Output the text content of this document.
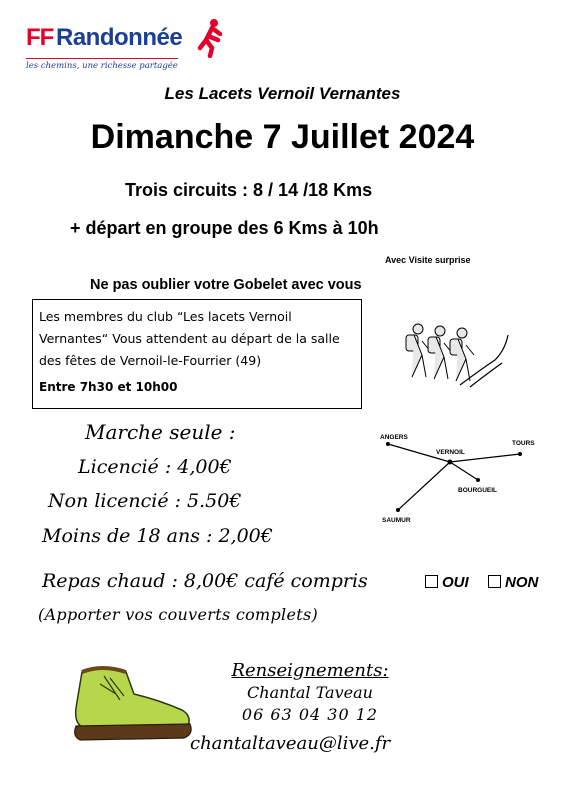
FF Randonnée
les chemins, une richesse partagée
Les Lacets Vernoil Vernantes
Dimanche 7 Juillet 2024
Trois circuits : 8 / 14 /18 Kms
+ départ en groupe des 6 Kms à 10h
Avec Visite surprise
Ne pas oublier votre Gobelet avec vous
Les membres du club “Les lacets Vernoil Vernantes“ Vous attendent au départ de la salle des fêtes de Vernoil-le-Fourrier (49)
Entre 7h30 et 10h00
Marche seule :
Licencié : 4,00€
Non licencié : 5.50€
Moins de 18 ans : 2,00€
ANGERS
VERNOIL
TOURS
BOURGUEIL
SAUMUR
Repas chaud : 8,00€ café compris	OUI	NON
(Apporter vos couverts complets)
Renseignements:
Chantal Taveau
06 63 04 30 12
chantaltaveau@live.fr
